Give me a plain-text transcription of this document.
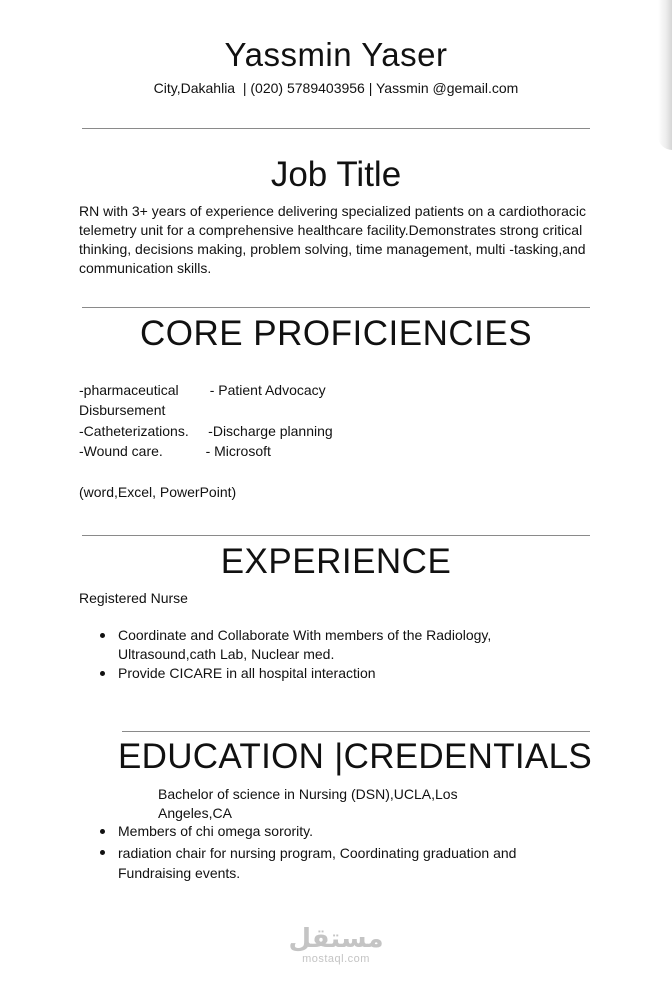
Yassmin Yaser
City,Dakahlia  | (020) 5789403956 | Yassmin @gemail.com
Job Title
RN with 3+ years of experience delivering specialized patients on a cardiothoracic telemetry unit for a comprehensive healthcare facility.Demonstrates strong critical thinking, decisions making, problem solving, time management, multi -tasking,and communication skills.
CORE PROFICIENCIES
-pharmaceutical        - Patient Advocacy
Disbursement
-Catheterizations.     -Discharge planning
-Wound care.           - Microsoft
(word,Excel, PowerPoint)
EXPERIENCE
Registered Nurse
Coordinate and Collaborate With members of the Radiology, Ultrasound,cath Lab, Nuclear med.
Provide CICARE in all hospital interaction
EDUCATION |CREDENTIALS
Bachelor of science in Nursing (DSN),UCLA,Los
Angeles,CA
Members of chi omega sorority.
radiation chair for nursing program, Coordinating graduation and Fundraising events.
مستقل
mostaql.com
